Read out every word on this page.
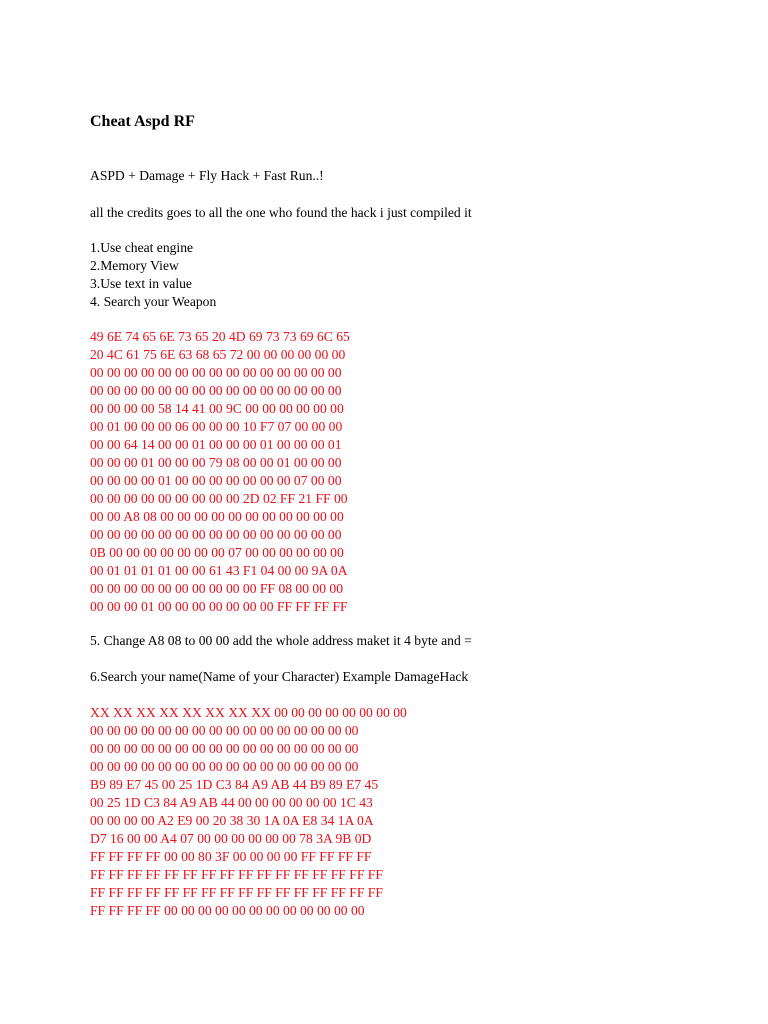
Cheat Aspd RF
ASPD + Damage + Fly Hack + Fast Run..!
all the credits goes to all the one who found the hack i just compiled it
1.Use cheat engine
2.Memory View
3.Use text in value
4. Search your Weapon
49 6E 74 65 6E 73 65 20 4D 69 73 73 69 6C 65
20 4C 61 75 6E 63 68 65 72 00 00 00 00 00 00
00 00 00 00 00 00 00 00 00 00 00 00 00 00 00
00 00 00 00 00 00 00 00 00 00 00 00 00 00 00
00 00 00 00 58 14 41 00 9C 00 00 00 00 00 00
00 01 00 00 00 06 00 00 00 10 F7 07 00 00 00
00 00 64 14 00 00 01 00 00 00 01 00 00 00 01
00 00 00 01 00 00 00 79 08 00 00 01 00 00 00
00 00 00 00 01 00 00 00 00 00 00 00 07 00 00
00 00 00 00 00 00 00 00 00 2D 02 FF 21 FF 00
00 00 A8 08 00 00 00 00 00 00 00 00 00 00 00
00 00 00 00 00 00 00 00 00 00 00 00 00 00 00
0B 00 00 00 00 00 00 00 07 00 00 00 00 00 00
00 01 01 01 01 00 00 61 43 F1 04 00 00 9A 0A
00 00 00 00 00 00 00 00 00 00 FF 08 00 00 00
00 00 00 01 00 00 00 00 00 00 00 FF FF FF FF
5. Change A8 08 to 00 00 add the whole address maket it 4 byte and =
6.Search your name(Name of your Character) Example DamageHack
XX XX XX XX XX XX XX XX 00 00 00 00 00 00 00 00
00 00 00 00 00 00 00 00 00 00 00 00 00 00 00 00
00 00 00 00 00 00 00 00 00 00 00 00 00 00 00 00
00 00 00 00 00 00 00 00 00 00 00 00 00 00 00 00
B9 89 E7 45 00 25 1D C3 84 A9 AB 44 B9 89 E7 45
00 25 1D C3 84 A9 AB 44 00 00 00 00 00 00 1C 43
00 00 00 00 A2 E9 00 20 38 30 1A 0A E8 34 1A 0A
D7 16 00 00 A4 07 00 00 00 00 00 00 78 3A 9B 0D
FF FF FF FF 00 00 80 3F 00 00 00 00 FF FF FF FF
FF FF FF FF FF FF FF FF FF FF FF FF FF FF FF FF
FF FF FF FF FF FF FF FF FF FF FF FF FF FF FF FF
FF FF FF FF 00 00 00 00 00 00 00 00 00 00 00 00
